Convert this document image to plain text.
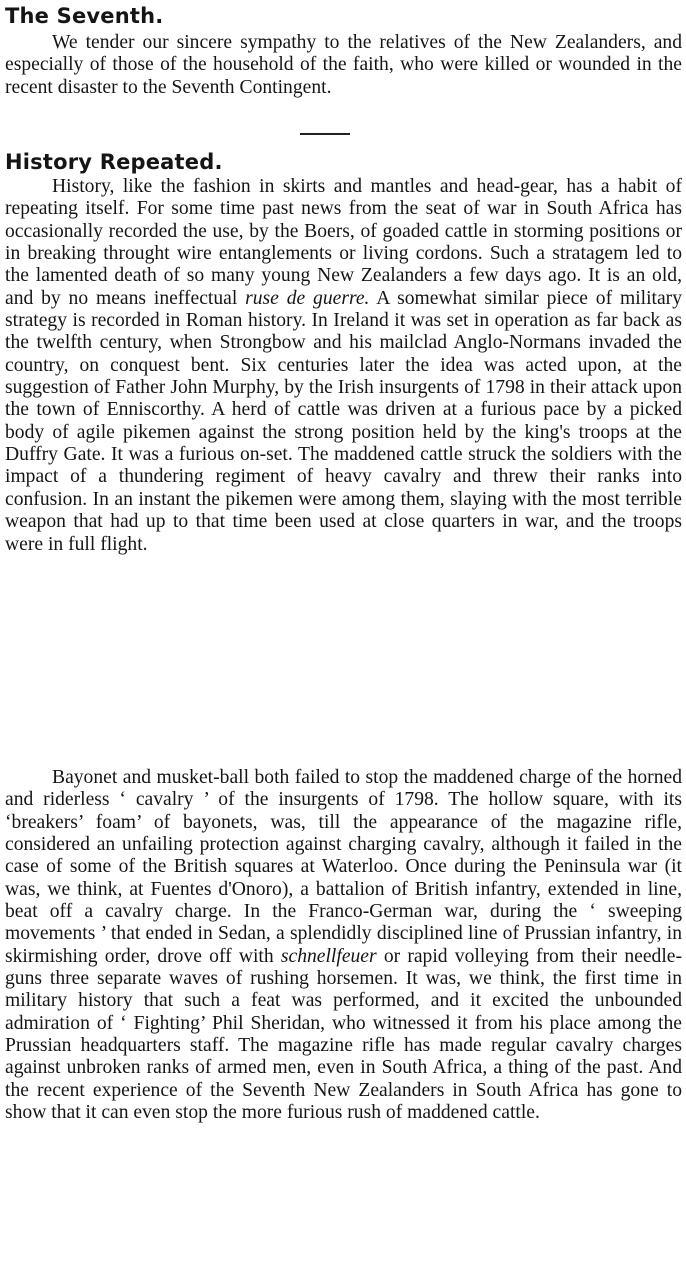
The Seventh.

We tender our sincere sympathy to the relatives of the New Zealanders, and especially of those of the household of the faith, who were killed or wounded in the recent disaster to the Seventh Contingent.

History Repeated.

History, like the fashion in skirts and mantles and head-gear, has a habit of repeating itself. For some time past news from the seat of war in South Africa has occasionally recorded the use, by the Boers, of goaded cattle in storming positions or in breaking throught wire entanglements or living cordons. Such a stratagem led to the lamented death of so many young New Zealanders a few days ago. It is an old, and by no means ineffectual ruse de guerre. A somewhat similar piece of military strategy is recorded in Roman history. In Ireland it was set in operation as far back as the twelfth century, when Strongbow and his mailclad Anglo-Normans invaded the country, on conquest bent. Six centuries later the idea was acted upon, at the suggestion of Father John Murphy, by the Irish insurgents of 1798 in their attack upon the town of Enniscorthy. A herd of cattle was driven at a furious pace by a picked body of agile pikemen against the strong position held by the king's troops at the Duffry Gate. It was a furious on-set. The maddened cattle struck the soldiers with the impact of a thundering regiment of heavy cavalry and threw their ranks into confusion. In an instant the pikemen were among them, slaying with the most terrible weapon that had up to that time been used at close quarters in war, and the troops were in full flight.

Bayonet and musket-ball both failed to stop the maddened charge of the horned and riderless ‘ cavalry ’ of the insurgents of 1798. The hollow square, with its ‘breakers’ foam’ of bayonets, was, till the appearance of the magazine rifle, considered an unfailing protection against charging cavalry, although it failed in the case of some of the British squares at Waterloo. Once during the Peninsula war (it was, we think, at Fuentes d'Onoro), a battalion of British infantry, extended in line, beat off a cavalry charge. In the Franco-German war, during the ‘ sweeping movements ’ that ended in Sedan, a splendidly disciplined line of Prussian infantry, in skirmishing order, drove off with schnellfeuer or rapid volleying from their needle-guns three separate waves of rushing horsemen. It was, we think, the first time in military history that such a feat was performed, and it excited the unbounded admiration of ‘ Fighting’ Phil Sheridan, who witnessed it from his place among the Prussian headquarters staff. The magazine rifle has made regular cavalry charges against unbroken ranks of armed men, even in South Africa, a thing of the past. And the recent experience of the Seventh New Zealanders in South Africa has gone to show that it can even stop the more furious rush of maddened cattle.
